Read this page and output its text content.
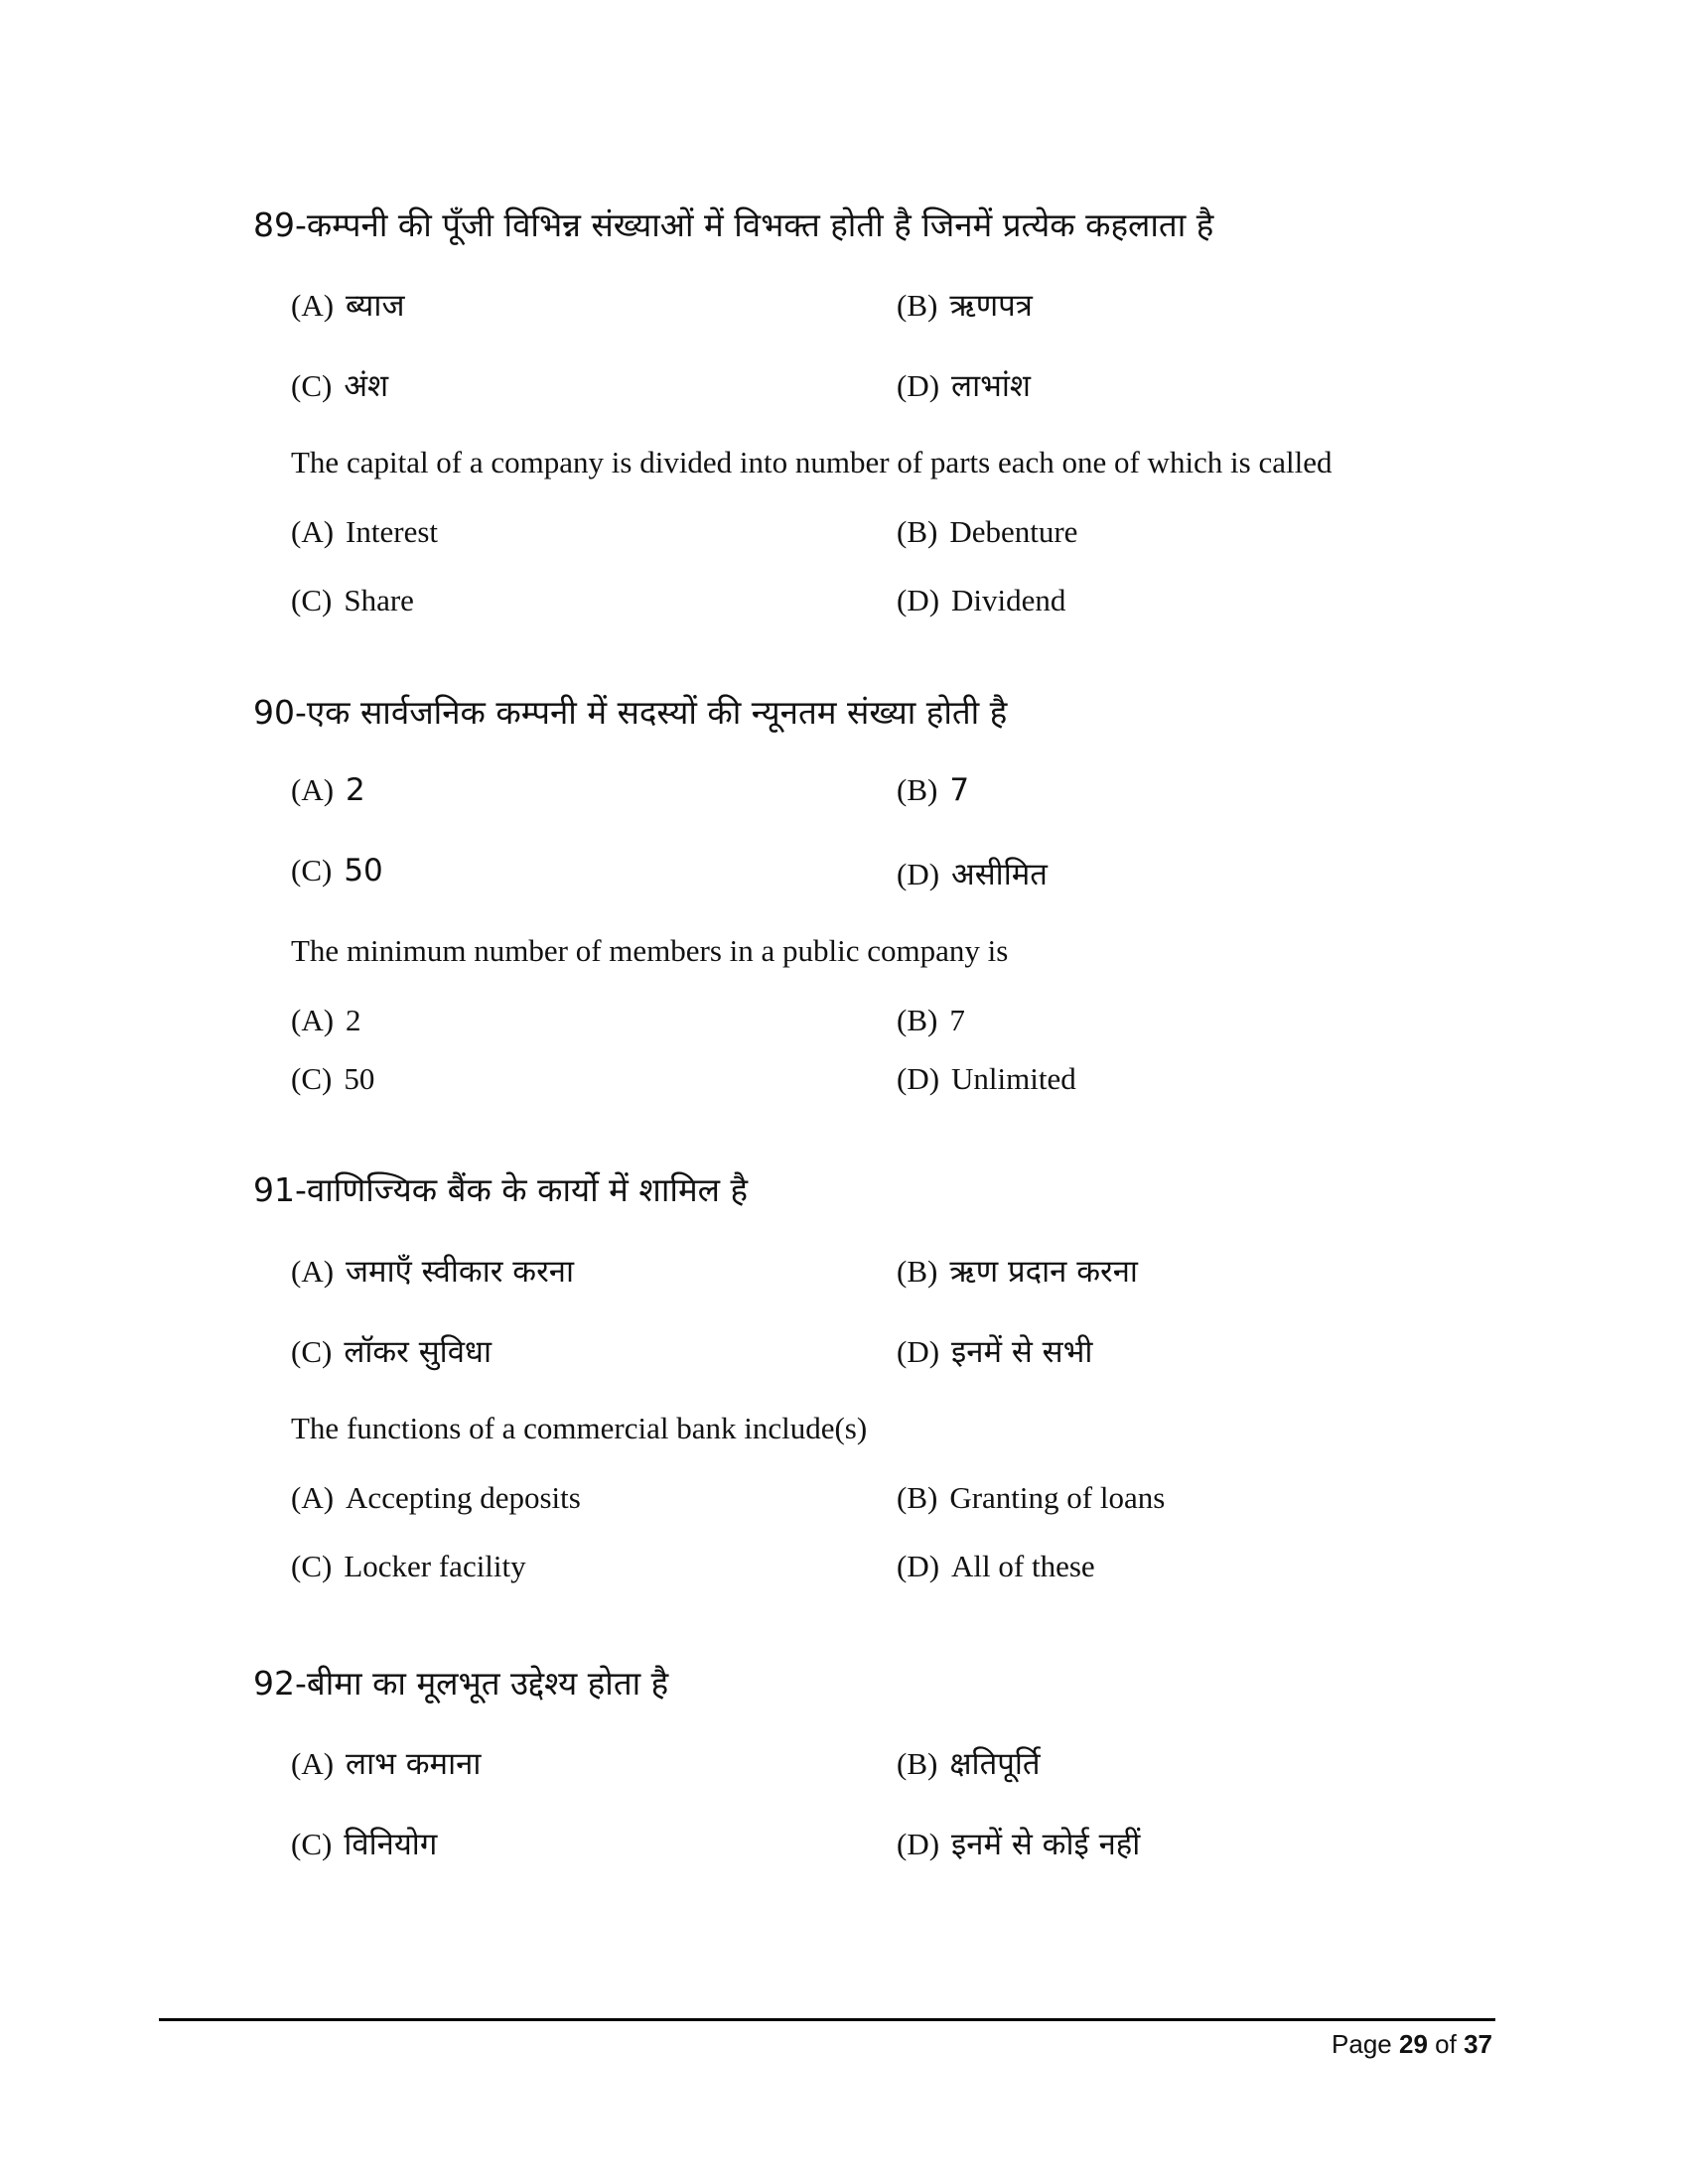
89-कम्पनी की पूँजी विभिन्न संख्याओं में विभक्त होती है जिनमें प्रत्येक कहलाता है
(A) ब्याज	(B) ऋणपत्र
(C) अंश	(D) लाभांश
The capital of a company is divided into number of parts each one of which is called
(A) Interest	(B) Debenture
(C) Share	(D) Dividend
90-एक सार्वजनिक कम्पनी में सदस्यों की न्यूनतम संख्या होती है
(A) 2	(B) 7
(C) 50	(D) असीमित
The minimum number of members in a public company is
(A) 2	(B) 7
(C) 50	(D) Unlimited
91-वाणिज्यिक बैंक के कार्यो में शामिल है
(A) जमाएँ स्वीकार करना	(B) ऋण प्रदान करना
(C) लॉकर सुविधा	(D) इनमें से सभी
The functions of a commercial bank include(s)
(A) Accepting deposits	(B) Granting of loans
(C) Locker facility	(D) All of these
92-बीमा का मूलभूत उद्देश्य होता है
(A) लाभ कमाना	(B) क्षतिपूर्ति
(C) विनियोग	(D) इनमें से कोई नहीं
Page 29 of 37
